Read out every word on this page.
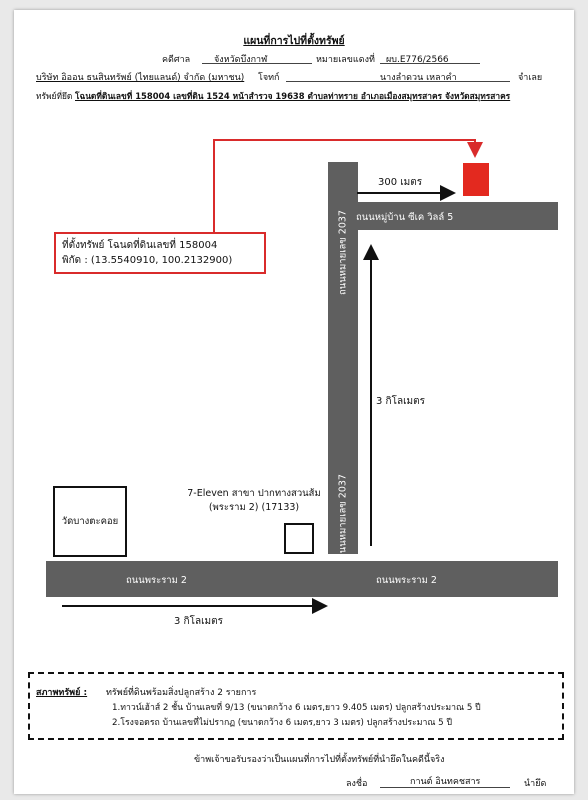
แผนที่การไปที่ตั้งทรัพย์
คดีศาล	จังหวัดบึงกาฬ	หมายเลขแดงที่ ผบ.E776/2566
บริษัท อิออน ธนสินทรัพย์ (ไทยแลนด์) จำกัด (มหาชน) โจทก์	นางลำดวน เหลาคำ	จำเลย
ทรัพย์ที่ยึด โฉนดที่ดินเลขที่ 158004 เลขที่ดิน 1524 หน้าสำรวจ 19638 ตำบลท่าทราย อำเภอเมืองสมุทรสาคร จังหวัดสมุทรสาคร
ถนนหมู่บ้าน ซีเค วิลล์ 5
ถนนหมายเลข 2037
ถนนหมายเลข 2037
ถนนพระราม 2	ถนนพระราม 2
ที่ตั้งทรัพย์ โฉนดที่ดินเลขที่ 158004
พิกัด : (13.5540910, 100.2132900)
300 เมตร
3 กิโลเมตร
3 กิโลเมตร
วัดบางตะคอย
7-Eleven สาขา ปากทางสวนส้ม
(พระราม 2) (17133)
สภาพทรัพย์ : ทรัพย์ที่ดินพร้อมสิ่งปลูกสร้าง 2 รายการ
1.ทาวน์เฮ้าส์ 2 ชั้น บ้านเลขที่ 9/13 (ขนาดกว้าง 6 เมตร,ยาว 9.405 เมตร) ปลูกสร้างประมาณ 5 ปี
2.โรงจอดรถ บ้านเลขที่ไม่ปรากฏ (ขนาดกว้าง 6 เมตร,ยาว 3 เมตร) ปลูกสร้างประมาณ 5 ปี
ข้าพเจ้าขอรับรองว่าเป็นแผนที่การไปที่ตั้งทรัพย์ที่นำยึดในคดีนี้จริง
ลงชื่อ	กานต์ อินทคชสาร	นำยึด
